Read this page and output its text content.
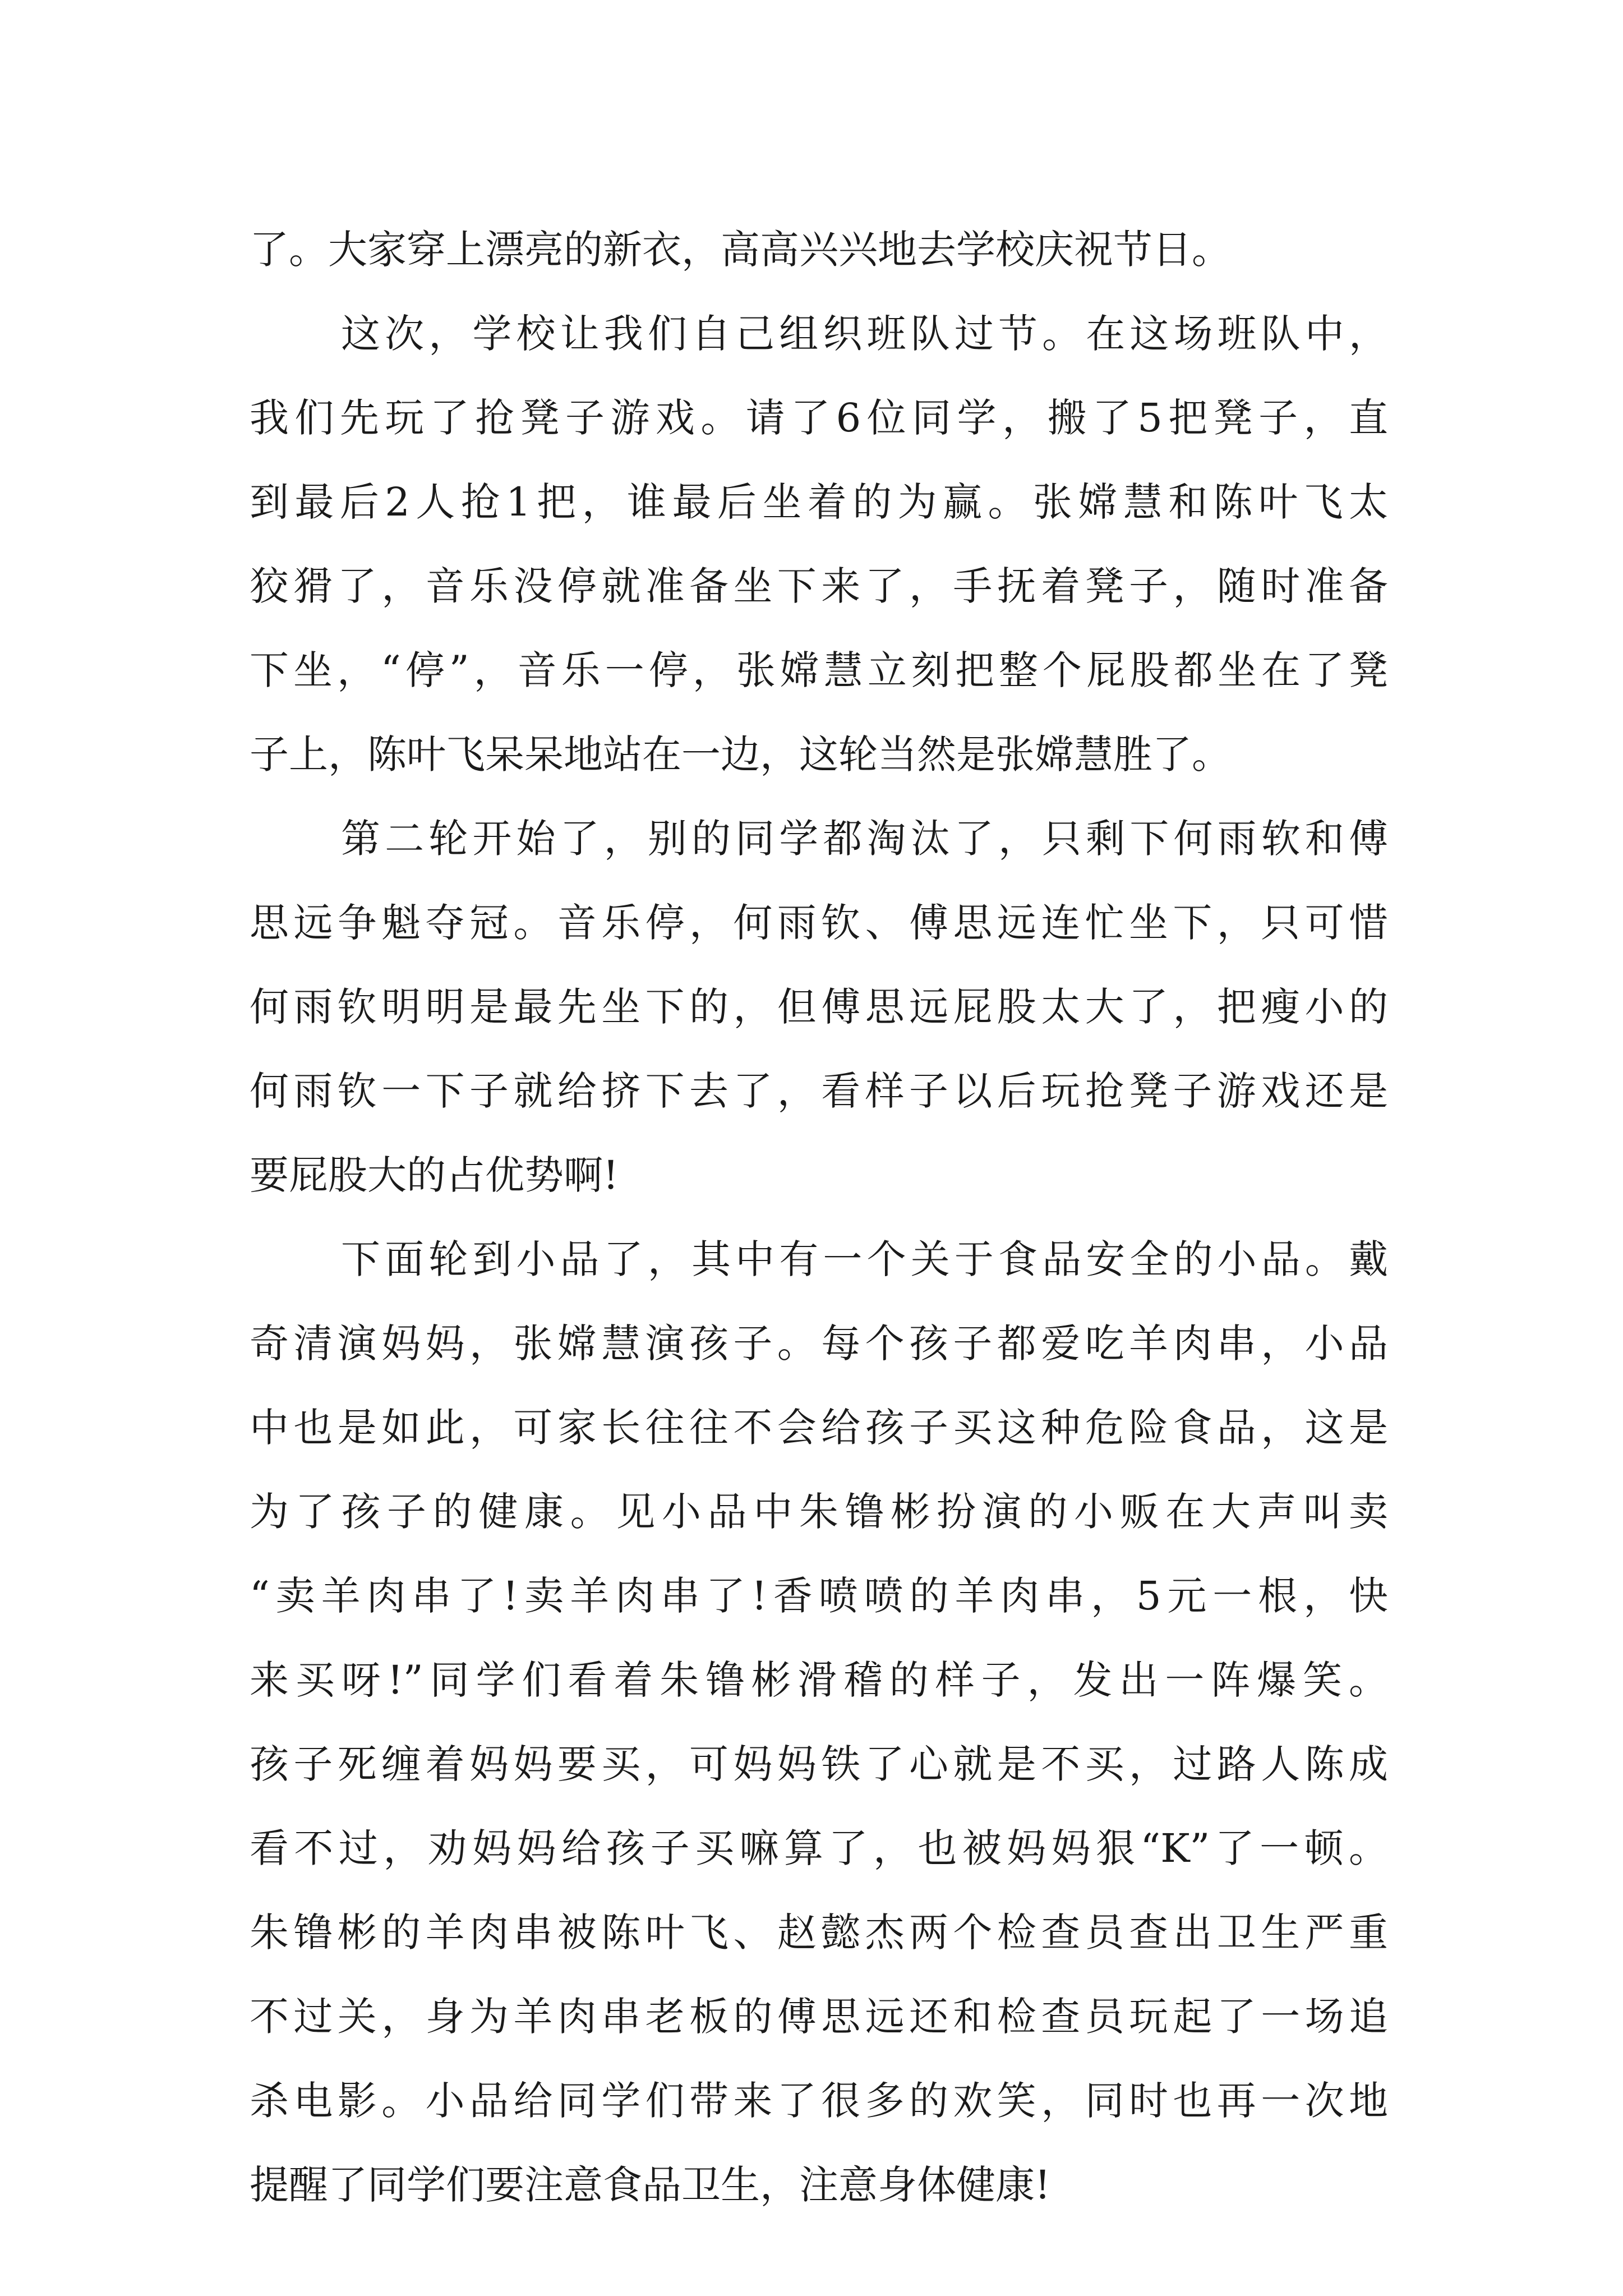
了。大家穿上漂亮的新衣，高高兴兴地去学校庆祝节日。
这次，学校让我们自己组织班队过节。在这场班队中，
我们先玩了抢凳子游戏。请了6位同学，搬了5把凳子，直
到最后2人抢1把，谁最后坐着的为赢。张嫦慧和陈叶飞太
狡猾了，音乐没停就准备坐下来了，手抚着凳子，随时准备
下坐，“停”，音乐一停，张嫦慧立刻把整个屁股都坐在了凳
子上，陈叶飞呆呆地站在一边，这轮当然是张嫦慧胜了。
第二轮开始了，别的同学都淘汰了，只剩下何雨软和傅
思远争魁夺冠。音乐停，何雨钦、傅思远连忙坐下，只可惜
何雨钦明明是最先坐下的，但傅思远屁股太大了，把瘦小的
何雨钦一下子就给挤下去了，看样子以后玩抢凳子游戏还是
要屁股大的占优势啊!
下面轮到小品了，其中有一个关于食品安全的小品。戴
奇清演妈妈，张嫦慧演孩子。每个孩子都爱吃羊肉串，小品
中也是如此，可家长往往不会给孩子买这种危险食品，这是
为了孩子的健康。见小品中朱镥彬扮演的小贩在大声叫卖
“卖羊肉串了!卖羊肉串了!香喷喷的羊肉串，5元一根，快
来买呀!”同学们看着朱镥彬滑稽的样子，发出一阵爆笑。
孩子死缠着妈妈要买，可妈妈铁了心就是不买，过路人陈成
看不过，劝妈妈给孩子买嘛算了，也被妈妈狠“K”了一顿。
朱镥彬的羊肉串被陈叶飞、赵懿杰两个检查员查出卫生严重
不过关，身为羊肉串老板的傅思远还和检查员玩起了一场追
杀电影。小品给同学们带来了很多的欢笑，同时也再一次地
提醒了同学们要注意食品卫生，注意身体健康!
